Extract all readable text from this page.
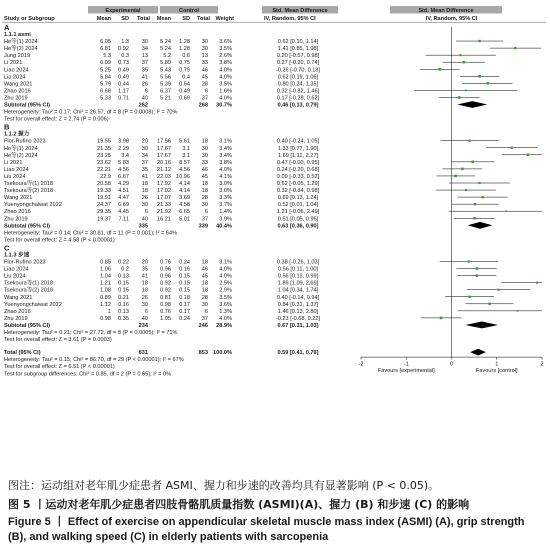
Experimental	Control	Std. Mean Difference	Std. Mean Difference
Study or Subgroup	Mean SD Total Mean SD Total Weight	IV, Random, 95% CI	IV, Random, 95% CI
A
1.1.1 asmi
He等(1) 2024	6.05 1.3 30 5.24 1.28 30 3.6%	0.62 [0.10, 1.14]
He等(2) 2024	6.81 0.92 34 5.24 1.28 30 3.5%	1.41 [0.85, 1.98]
Jung 2019	5.3 0.3 13	5.2 0.6 13 2.6%	0.20 [-0.57, 0.98]
Li 2021	6.09 0.73 37 5.89 0.75 33 3.8%	0.27 [-0.20, 0.74]
Liao 2024	5.25 0.49 35 5.43 0.79 46 4.0%	-0.26 [-0.70, 0.18]
Liu 2024	5.84 0.49 41 5.56 0.4 45 4.0%	0.62 [0.19, 1.06]
Wang 2021	5.79 0.44 26 5.39 0.54 28 3.5%	0.80 [0.24, 1.35]
Zhao 2016	6.68 1.17	6 6.37 0.49	6 1.6%	0.32 [-0.82, 1.46]
Zhu 2019	5.33 0.71 40 5.21 0.69 37 4.0%	0.17 [-0.28, 0.62]
Subtotal (95% CI)	262	268 30.7%	0.46 [0.13, 0.79]
Heterogeneity: Tau² = 0.17; Chi² = 26.57, df = 8 (P = 0.0008); I² = 70%
Test for overall effect: Z = 2.74 (P = 0.006)
B
1.1.2 握力
Flor-Rufino 2023	19.55 3.98 20 17.56 5.61 18 3.1%	0.40 [-0.24, 1.05]
He等(1) 2024	21.35 2.29 30 17.67 3.1 30 3.4%	1.33 [0.77, 1.90]
He等(2) 2024	23.25 3.4 34 17.67 3.1 30 3.4%	1.69 [1.11, 2.27]
Li 2021	23.62 5.83 37 20.16 8.57 33 3.8%	0.47 [-0.00, 0.95]
Liao 2024	22.21 4.56 35 21.12 4.56 46 4.0%	0.24 [-0.20, 0.68]
Liu 2024	22.9 6.67 41 22.03 10.96 45 4.1%	0.09 [-0.33, 0.52]
Tsekoura等(1) 2018	20.58 4.29 18 17.92 4.14 18 3.0%	0.62 [-0.05, 1.29]
Tsekoura等(2) 2018	19.33 4.51 18 17.92 4.14 18 3.0%	0.32 [-0.34, 0.98]
Wang 2021	19.91 4.47 26 17.07 3.69 28 3.3%	0.69 [0.13, 1.24]
Yuenyongchaiwat 2022	24.37 6.69 30 21.33 4.58 30 3.7%	0.52 [0.01, 1.04]
Zhao 2016	29.35 4.45	6 21.92 6.65	6 1.4%	1.21 [-0.06, 2.49]
Zhu 2019	19.37 7.11 40 16.21 5.01 37 3.9%	0.51 [0.05, 0.96]
Subtotal (95% CI)	335	339 40.4%	0.63 [0.36, 0.90]
Heterogeneity: Tau² = 0.14; Chi² = 30.81, df = 11 (P = 0.001); I² = 64%
Test for overall effect: Z = 4.58 (P < 0.00001)
C
1.1.3 步速
Flor-Rufino 2023	0.85 0.22 20 0.76 0.24 18 3.1%	0.38 [-0.26, 1.03]
Liao 2024	1.06 0.2 35 0.96 0.16 46 4.0%	0.56 [0.11, 1.00]
Liu 2024	1.04 0.13 41 0.96 0.15 45 4.0%	0.56 [0.13, 0.99]
Tsekoura等(1) 2018	1.21 0.15 18 0.92 0.15 18 2.5%	1.89 [1.09, 2.69]
Tsekoura等(2) 2018	1.08 0.15 18 0.92 0.15 18 2.9%	1.04 [0.34, 1.74]
Wang 2021	0.89 0.21 26 0.81 0.18 28 3.5%	0.40 [-0.14, 0.94]
Yuenyongchaiwat 2022	1.12 0.16 30 0.98 0.17 30 3.6%	0.84 [0.31, 1.37]
Zhao 2016	1 0.13	6 0.76 0.17	6 1.3%	1.46 [0.13, 2.80]
Zhu 2019	0.98 0.35 40 1.05 0.24 37 4.0%	-0.23 [-0.68, 0.22]
Subtotal (95% CI)	234	246 28.9%	0.67 [0.31, 1.03]
Heterogeneity: Tau² = 0.21; Chi² = 27.72, df = 8 (P = 0.0005); I² = 71%
Test for overall effect: Z = 3.61 (P = 0.0003)
Total (95% CI)	831	853 100.0%	0.59 [0.41, 0.76]
-2	-1	0	1	2
Heterogeneity: Tau² = 0.15; Chi² = 86.70, df = 29 (P < 0.00001); I² = 67%
Test for overall effect: Z = 6.51 (P < 0.00001)
Test for subgroup differences: Chi² = 0.85, df = 2 (P = 0.65), I² = 0%
Favours [experimental]	Favours [control]
图注：运动组对老年肌少症患者 ASMI、握力和步速的改善均具有显著影响 (P < 0.05)。
图 5 丨运动对老年肌少症患者四肢骨骼肌质量指数 (ASMI)(A)、握力 (B) 和步速 (C) 的影响
Figure 5 丨 Effect of exercise on appendicular skeletal muscle mass index (ASMI) (A), grip strength (B), and walking speed (C) in elderly patients with sarcopenia
